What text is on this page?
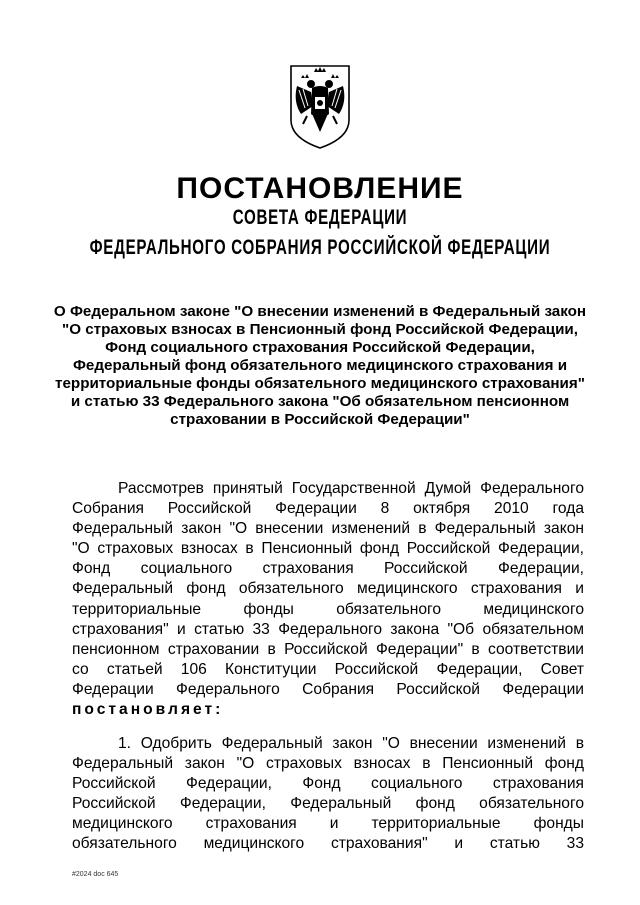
ПОСТАНОВЛЕНИЕ
СОВЕТА ФЕДЕРАЦИИ
ФЕДЕРАЛЬНОГО СОБРАНИЯ РОССИЙСКОЙ ФЕДЕРАЦИИ
О Федеральном законе "О внесении изменений в Федеральный закон
"О страховых взносах в Пенсионный фонд Российской Федерации,
Фонд социального страхования Российской Федерации,
Федеральный фонд обязательного медицинского страхования и
территориальные фонды обязательного медицинского страхования"
и статью 33 Федерального закона "Об обязательном пенсионном
страховании в Российской Федерации"
Рассмотрев принятый Государственной Думой Федерального
Собрания Российской Федерации 8 октября 2010 года
Федеральный закон "О внесении изменений в Федеральный закон
"О страховых взносах в Пенсионный фонд Российской Федерации,
Фонд социального страхования Российской Федерации,
Федеральный фонд обязательного медицинского страхования и
территориальные фонды обязательного медицинского
страхования" и статью 33 Федерального закона "Об обязательном
пенсионном страховании в Российской Федерации" в соответствии
со статьей 106 Конституции Российской Федерации, Совет
Федерации Федерального Собрания Российской Федерации
постановляет:
1. Одобрить Федеральный закон "О внесении изменений в
Федеральный закон "О страховых взносах в Пенсионный фонд
Российской Федерации, Фонд социального страхования
Российской Федерации, Федеральный фонд обязательного
медицинского страхования и территориальные фонды
обязательного медицинского страхования" и статью 33
#2024 doc 645
